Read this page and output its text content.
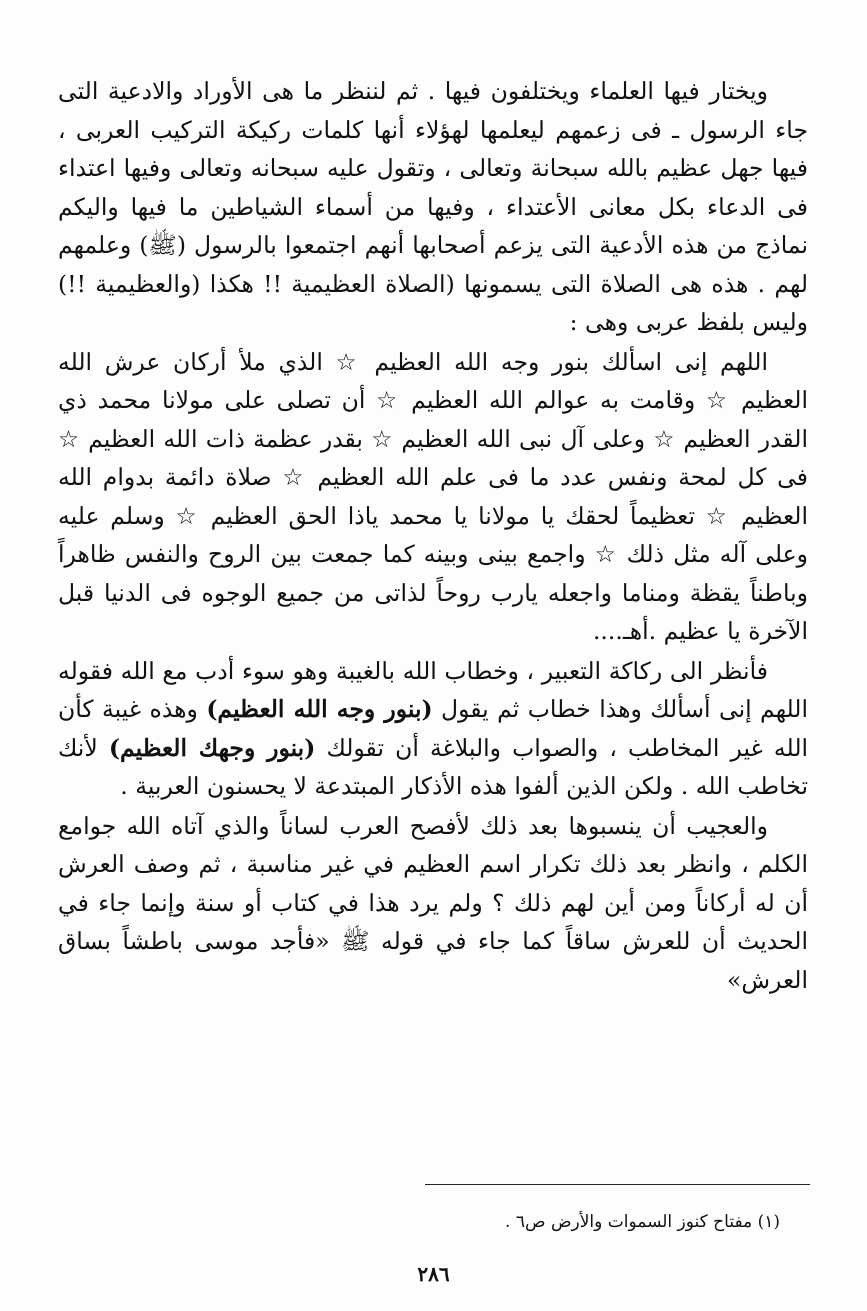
ويختار فيها العلماء ويختلفون فيها . ثم لننظر ما هى الأوراد والادعية التى جاء الرسول ـ فى زعمهم ليعلمها لهؤلاء أنها كلمات ركيكة التركيب العربى ، فيها جهل عظيم بالله سبحانة وتعالى ، وتقول عليه سبحانه وتعالى وفيها اعتداء فى الدعاء بكل معانى الأعتداء ، وفيها من أسماء الشياطين ما فيها واليكم نماذج من هذه الأدعية التى يزعم أصحابها أنهم اجتمعوا بالرسول (ﷺ) وعلمهم لهم . هذه هى الصلاة التى يسمونها (الصلاة العظيمية !! هكذا (والعظيمية !!) وليس بلفظ عربى وهى :

اللهم إنى اسألك بنور وجه الله العظيم ☆ الذي ملأ أركان عرش الله العظيم ☆ وقامت به عوالم الله العظيم ☆ أن تصلى على مولانا محمد ذي القدر العظيم ☆ وعلى آل نبى الله العظيم ☆ بقدر عظمة ذات الله العظيم ☆ فى كل لمحة ونفس عدد ما فى علم الله العظيم ☆ صلاة دائمة بدوام الله العظيم ☆ تعظيماً لحقك يا مولانا يا محمد ياذا الحق العظيم ☆ وسلم عليه وعلى آله مثل ذلك ☆ واجمع بينى وبينه كما جمعت بين الروح والنفس ظاهراً وباطناً يقظة ومناما واجعله يارب روحاً لذاتى من جميع الوجوه فى الدنيا قبل الآخرة يا عظيم .أهـ....

فأنظر الى ركاكة التعبير ، وخطاب الله بالغيبة وهو سوء أدب مع الله فقوله اللهم إنى أسألك وهذا خطاب ثم يقول (بنور وجه الله العظيم) وهذه غيبة كأن الله غير المخاطب ، والصواب والبلاغة أن تقولك (بنور وجهك العظيم) لأنك تخاطب الله . ولكن الذين ألفوا هذه الأذكار المبتدعة لا يحسنون العربية .

والعجيب أن ينسبوها بعد ذلك لأفصح العرب لساناً والذي آتاه الله جوامع الكلم ، وانظر بعد ذلك تكرار اسم العظيم في غير مناسبة ، ثم وصف العرش أن له أركاناً ومن أين لهم ذلك ؟ ولم يرد هذا في كتاب أو سنة وإنما جاء في الحديث أن للعرش ساقاً كما جاء في قوله ﷺ «فأجد موسى باطشاً بساق العرش»

(١) مفتاح كنوز السموات والأرض ص٦ .
٢٨٦
